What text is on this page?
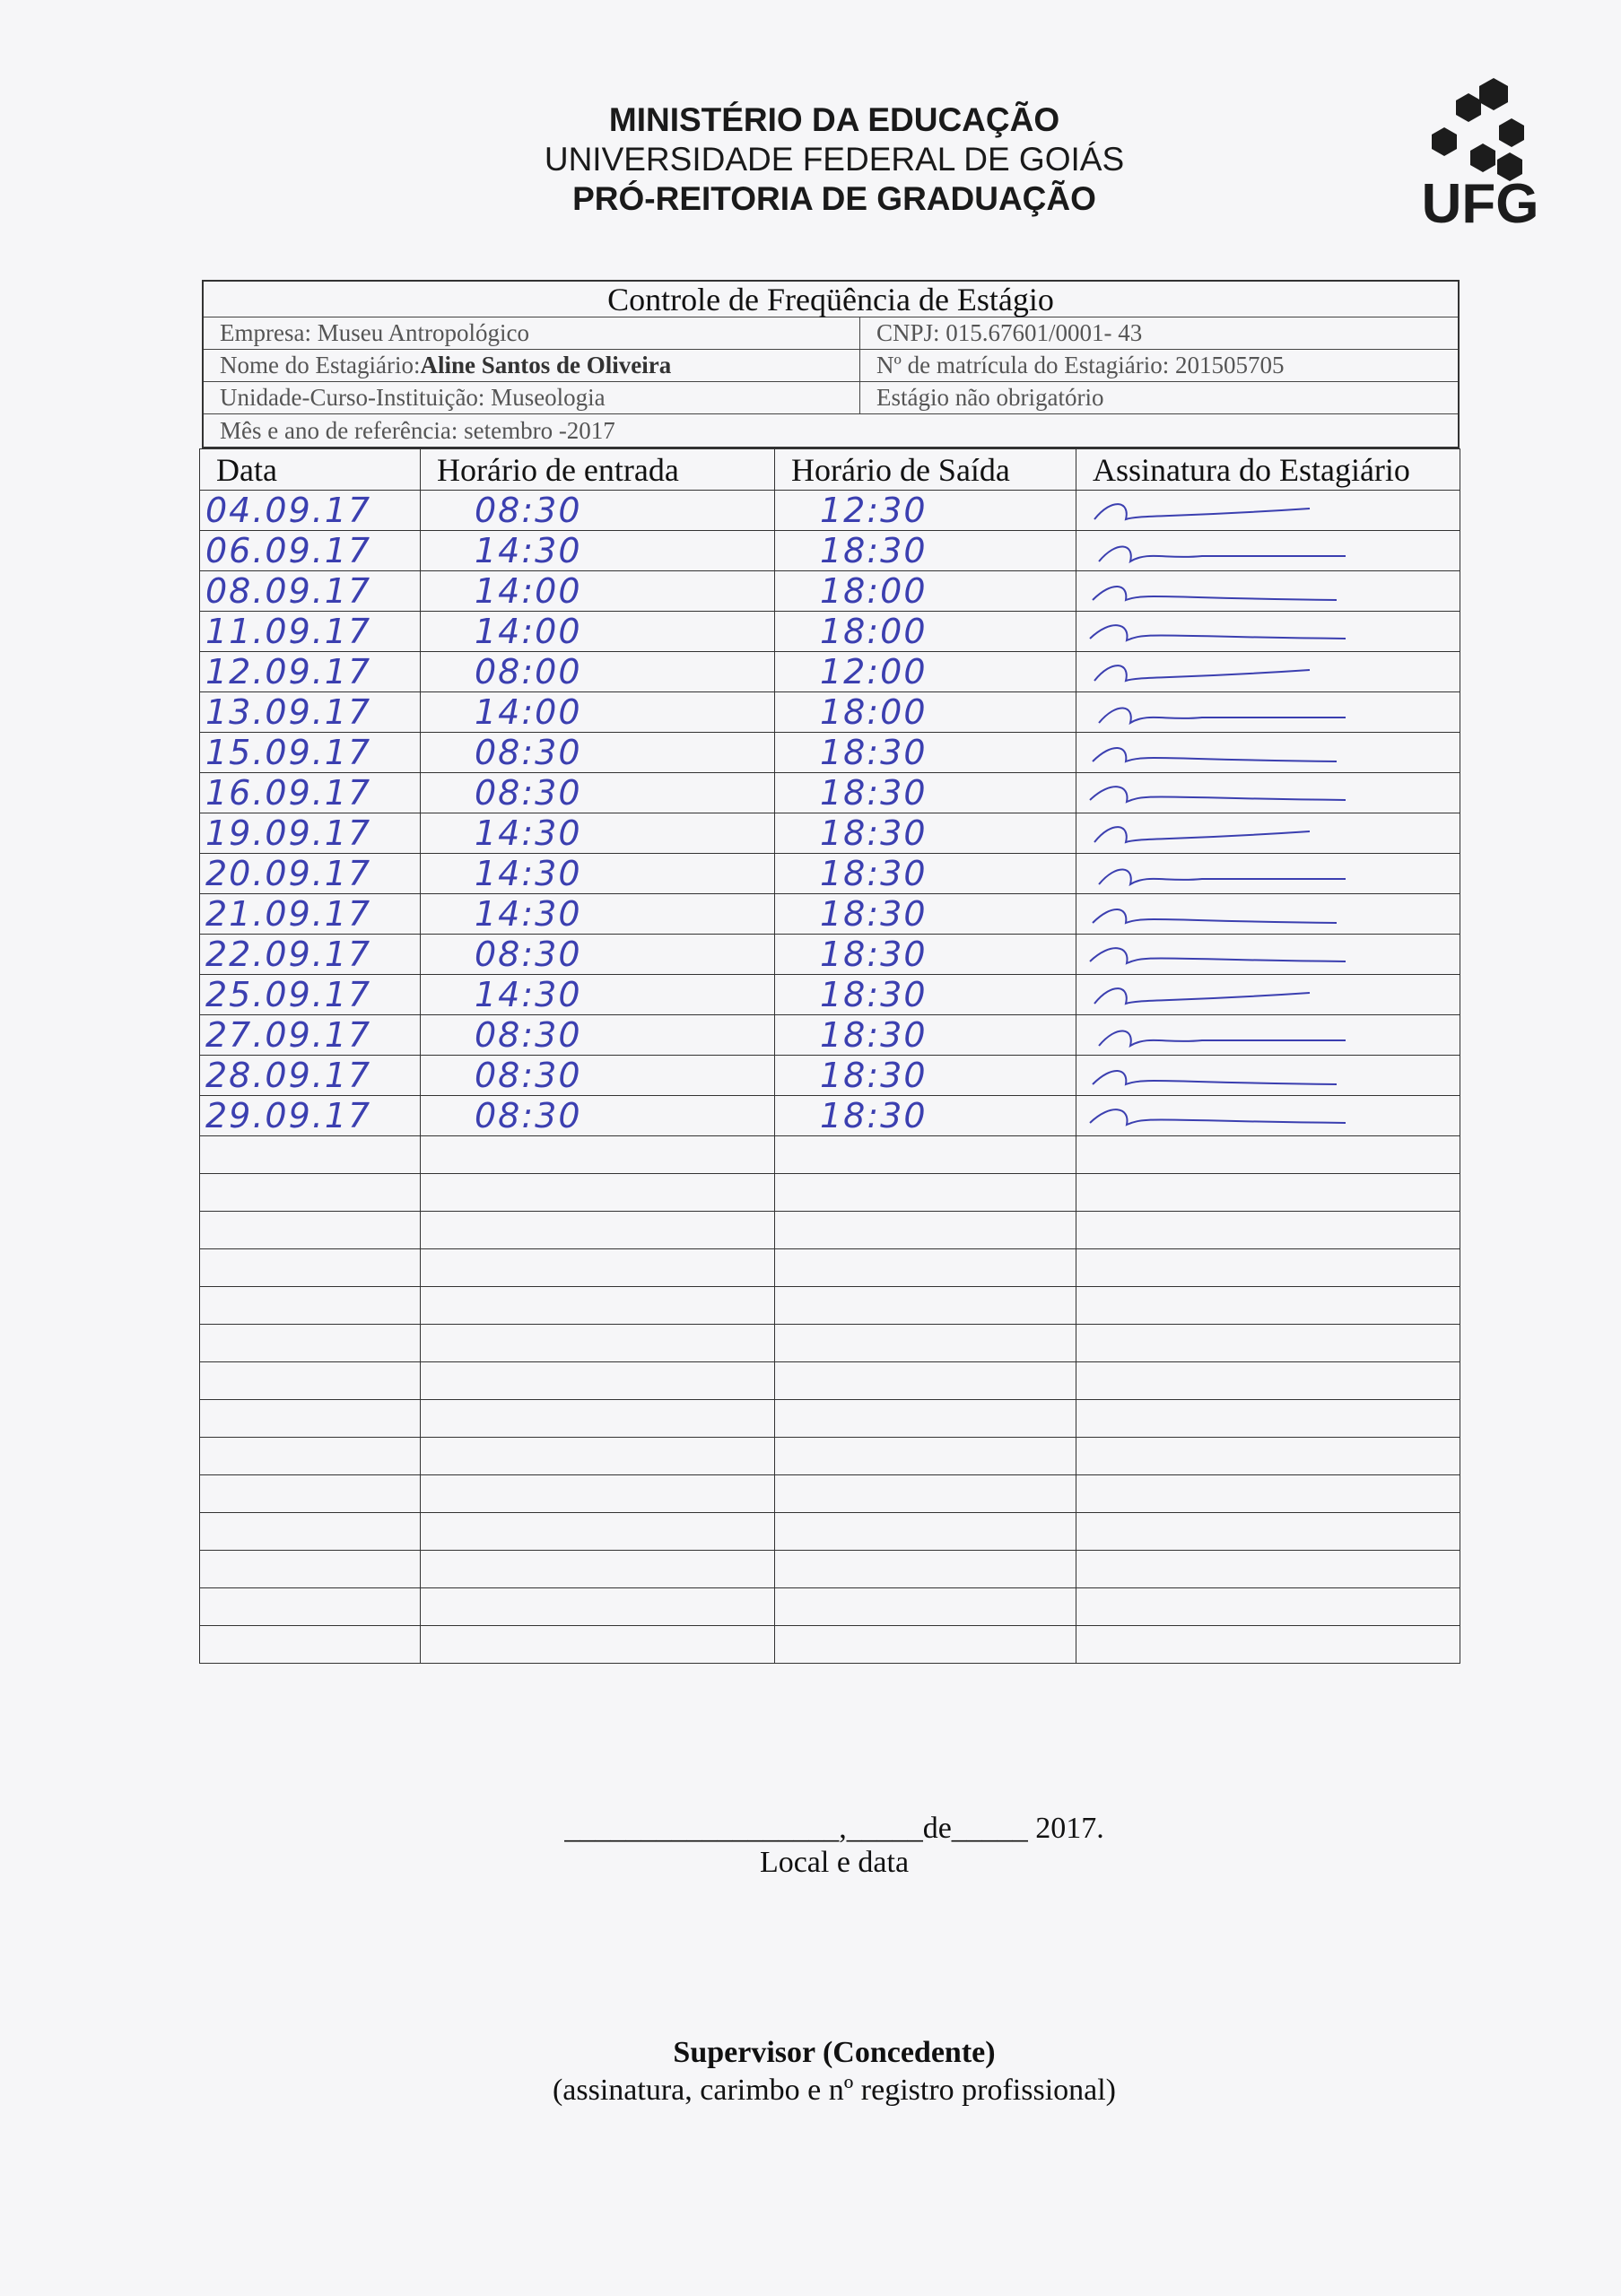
MINISTÉRIO DA EDUCAÇÃO
UNIVERSIDADE FEDERAL DE GOIÁS
PRÓ-REITORIA DE GRADUAÇÃO	UFG
Controle de Freqüência de Estágio
Empresa: Museu Antropológico	CNPJ: 015.67601/0001- 43
Nome do Estagiário: Aline Santos de Oliveira	Nº de matrícula do Estagiário: 201505705
Unidade-Curso-Instituição: Museologia	Estágio não obrigatório
Mês e ano de referência: setembro -2017
Data	Horário de entrada	Horário de Saída	Assinatura do Estagiário
04.09.17	08:30	12:30	

06.09.17	14:30	18:30	

08.09.17	14:00	18:00	

11.09.17	14:00	18:00	

12.09.17	08:00	12:00	

13.09.17	14:00	18:00	

15.09.17	08:30	18:30	

16.09.17	08:30	18:30	

19.09.17	14:30	18:30	

20.09.17	14:30	18:30	

21.09.17	14:30	18:30	

22.09.17	08:30	18:30	

25.09.17	14:30	18:30	

27.09.17	08:30	18:30	

28.09.17	08:30	18:30	

29.09.17	08:30	18:30	

__________________,_____de_____ 2017.
Local e data
Supervisor (Concedente)
(assinatura, carimbo e nº registro profissional)
